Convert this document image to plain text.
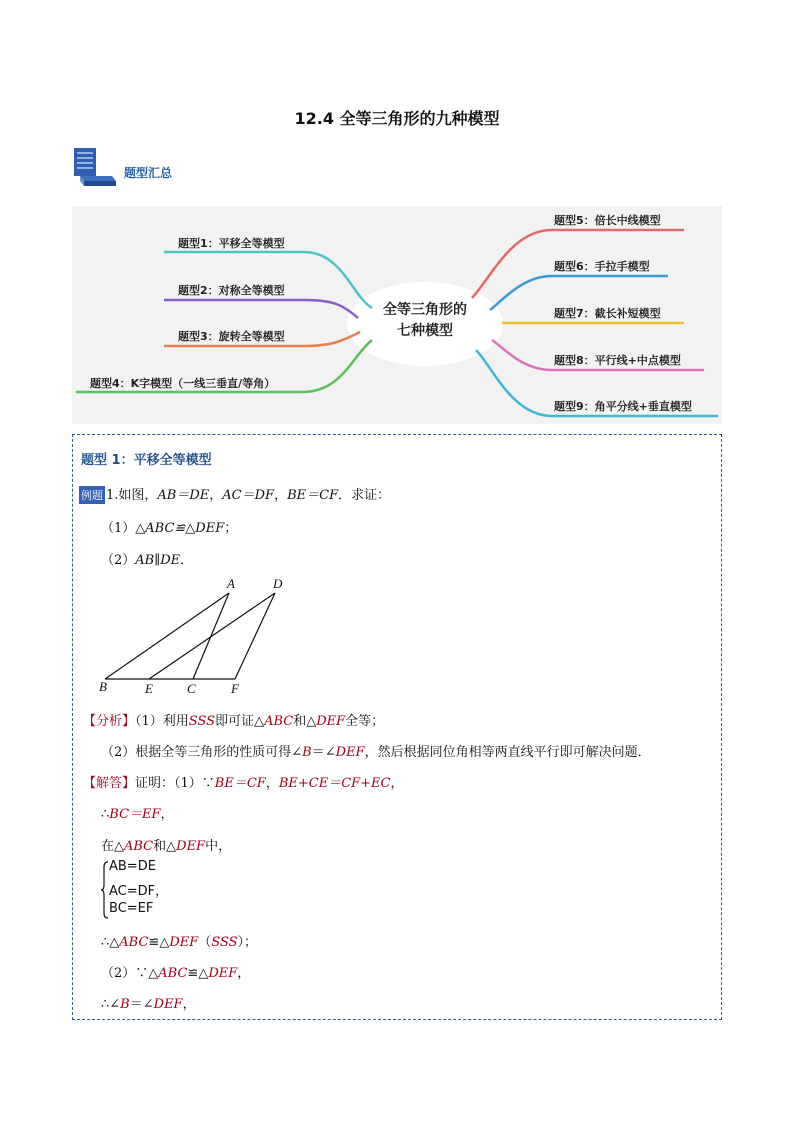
12.4 全等三角形的九种模型
题型汇总
全等三角形的
七种模型
题型1：平移全等模型
题型2：对称全等模型
题型3：旋转全等模型
题型4：K字模型（一线三垂直/等角）
题型5：倍长中线模型
题型6：手拉手模型
题型7：截长补短模型
题型8：平行线+中点模型
题型9：角平分线+垂直模型
题型 1：平移全等模型
例题 1.如图，AB＝DE，AC＝DF，BE＝CF．求证：
（1）△ABC≌△DEF；
（2）AB∥DE．
A	D
B	E	C	F
【分析】（1）利用SSS即可证△ABC和△DEF全等；
（2）根据全等三角形的性质可得∠B＝∠DEF，然后根据同位角相等两直线平行即可解决问题．
【解答】证明：（1）∵BE＝CF，BE+CE＝CF+EC，
∴BC＝EF，
在△ABC和△DEF中，
AB=DE
AC=DF，
BC=EF
∴△ABC≌△DEF（SSS）；
（2）∵△ABC≌△DEF，
∴∠B＝∠DEF，
